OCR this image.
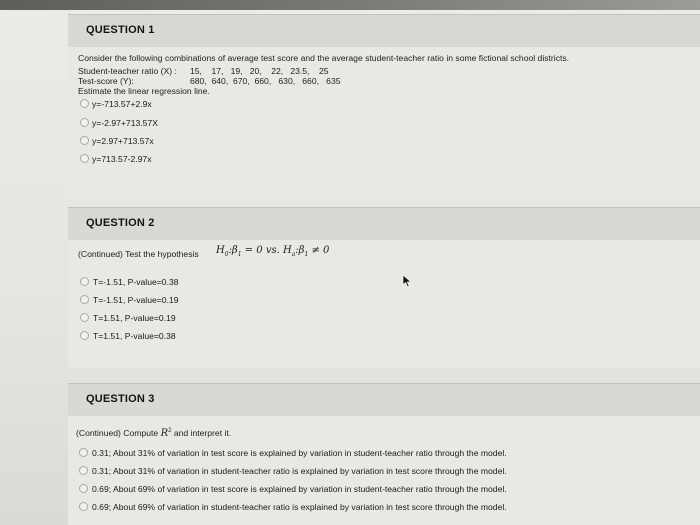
QUESTION 1
Consider the following combinations of average test score and the average student-teacher ratio in some fictional school districts.
Student-teacher ratio (X) : 15,    17,   19,   20,    22,   23.5,    25
Test-score (Y):	680,  640,  670,  660,   630,   660,   635
Estimate the linear regression line.
y=-713.57+2.9x
y=-2.97+713.57X
y=2.97+713.57x
y=713.57-2.97x
QUESTION 2
(Continued) Test the hypothesis $H_0:\beta_1 = 0$ vs. $H_a:\beta_1 \ne 0$
T=-1.51, P-value=0.38
T=-1.51, P-value=0.19
T=1.51, P-value=0.19
T=1.51, P-value=0.38
QUESTION 3
(Continued) Compute $R^2$ and interpret it.
0.31; About 31% of variation in test score is explained by variation in student-teacher ratio through the model.
0.31; About 31% of variation in student-teacher ratio is explained by variation in test score through the model.
0.69; About 69% of variation in test score is explained by variation in student-teacher ratio through the model.
0.69; About 69% of variation in student-teacher ratio is explained by variation in test score through the model.
